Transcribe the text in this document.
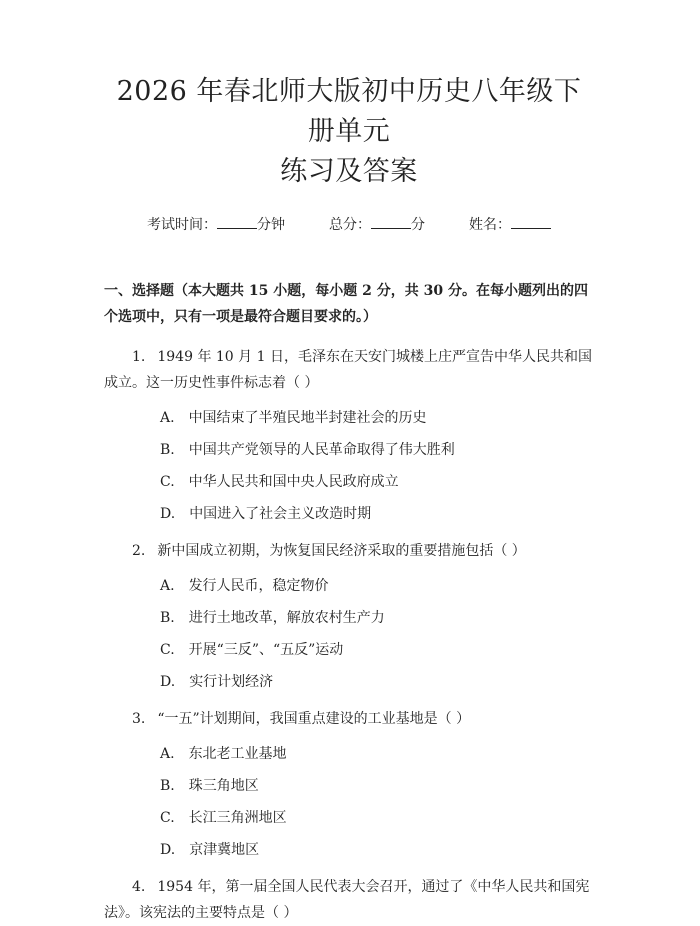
2026 年春北师大版初中历史八年级下册单元
练习及答案
考试时间：	分钟	总分：	分	姓名：
一、选择题（本大题共 15 小题，每小题 2 分，共 30 分。在每小题列出的四个选项中，只有一项是最符合题目要求的。）
1. 1949 年 10 月 1 日，毛泽东在天安门城楼上庄严宣告中华人民共和国成立。这一历史性事件标志着（ ）
A. 中国结束了半殖民地半封建社会的历史
B. 中国共产党领导的人民革命取得了伟大胜利
C. 中华人民共和国中央人民政府成立
D. 中国进入了社会主义改造时期
2. 新中国成立初期，为恢复国民经济采取的重要措施包括（ ）
A. 发行人民币，稳定物价
B. 进行土地改革，解放农村生产力
C. 开展“三反”、“五反”运动
D. 实行计划经济
3. “一五”计划期间，我国重点建设的工业基地是（ ）
A. 东北老工业基地
B. 珠三角地区
C. 长江三角洲地区
D. 京津冀地区
4. 1954 年，第一届全国人民代表大会召开，通过了《中华人民共和国宪法》。该宪法的主要特点是（ ）
